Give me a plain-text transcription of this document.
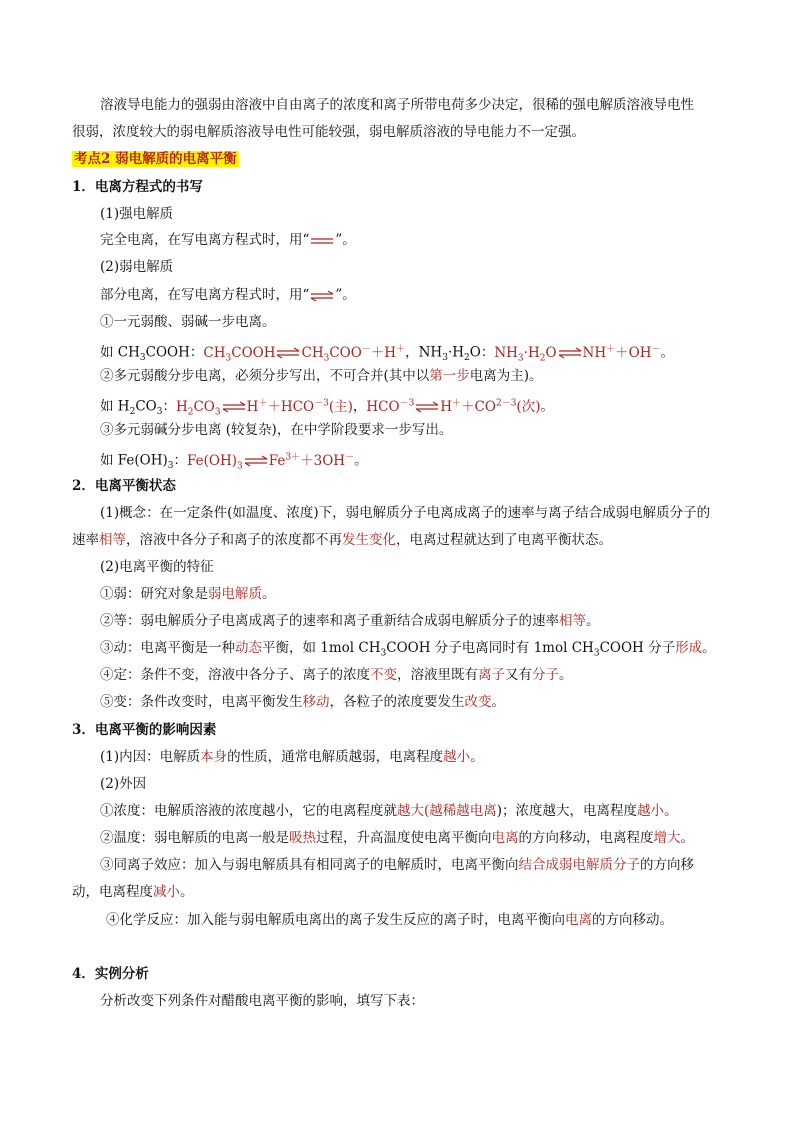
溶液导电能力的强弱由溶液中自由离子的浓度和离子所带电荷多少决定，很稀的强电解质溶液导电性
很弱，浓度较大的弱电解质溶液导电性可能较强，弱电解质溶液的导电能力不一定强。
考点2 弱电解质的电离平衡
1．电离方程式的书写
(1)强电解质
完全电离，在写电离方程式时，用“ ”。
(2)弱电解质
部分电离，在写电离方程式时，用“⇌”。
①一元弱酸、弱碱一步电离。
如 $CH_3COOH$：$CH_3COOH\rightleftharpoons CH_3COO^-+H^+$，$NH_3\cdot H_2O$：$NH_3\cdot H_2O\rightleftharpoons NH^++OH^-$。
②多元弱酸分步电离，必须分步写出，不可合并(其中以第一步电离为主)。
如 $H_2CO_3$：$H_2CO_3\rightleftharpoons H^++HCO^{-3}$(主)，$HCO^{-3}\rightleftharpoons H^++CO^{2-3}$(次)。
③多元弱碱分步电离 (较复杂)，在中学阶段要求一步写出。
如 $Fe(OH)_3$：$Fe(OH)_3\rightleftharpoons Fe^{3+}+3OH^-$。
2．电离平衡状态
(1)概念：在一定条件(如温度、浓度)下，弱电解质分子电离成离子的速率与离子结合成弱电解质分子的
速率相等，溶液中各分子和离子的浓度都不再发生变化，电离过程就达到了电离平衡状态。
(2)电离平衡的特征
①弱：研究对象是弱电解质。
②等：弱电解质分子电离成离子的速率和离子重新结合成弱电解质分子的速率相等。
③动：电离平衡是一种动态平衡，如 1mol $CH_3COOH$ 分子电离同时有 1mol $CH_3COOH$ 分子形成。
④定：条件不变，溶液中各分子、离子的浓度不变，溶液里既有离子又有分子。
⑤变：条件改变时，电离平衡发生移动，各粒子的浓度要发生改变。
3．电离平衡的影响因素
(1)内因：电解质本身的性质，通常电解质越弱，电离程度越小。
(2)外因
①浓度：电解质溶液的浓度越小，它的电离程度就越大(越稀越电离)；浓度越大，电离程度越小。
②温度：弱电解质的电离一般是吸热过程，升高温度使电离平衡向电离的方向移动，电离程度增大。
③同离子效应：加入与弱电解质具有相同离子的电解质时，电离平衡向结合成弱电解质分子的方向移
动，电离程度减小。
④化学反应：加入能与弱电解质电离出的离子发生反应的离子时，电离平衡向电离的方向移动。
4．实例分析
分析改变下列条件对醋酸电离平衡的影响，填写下表：
